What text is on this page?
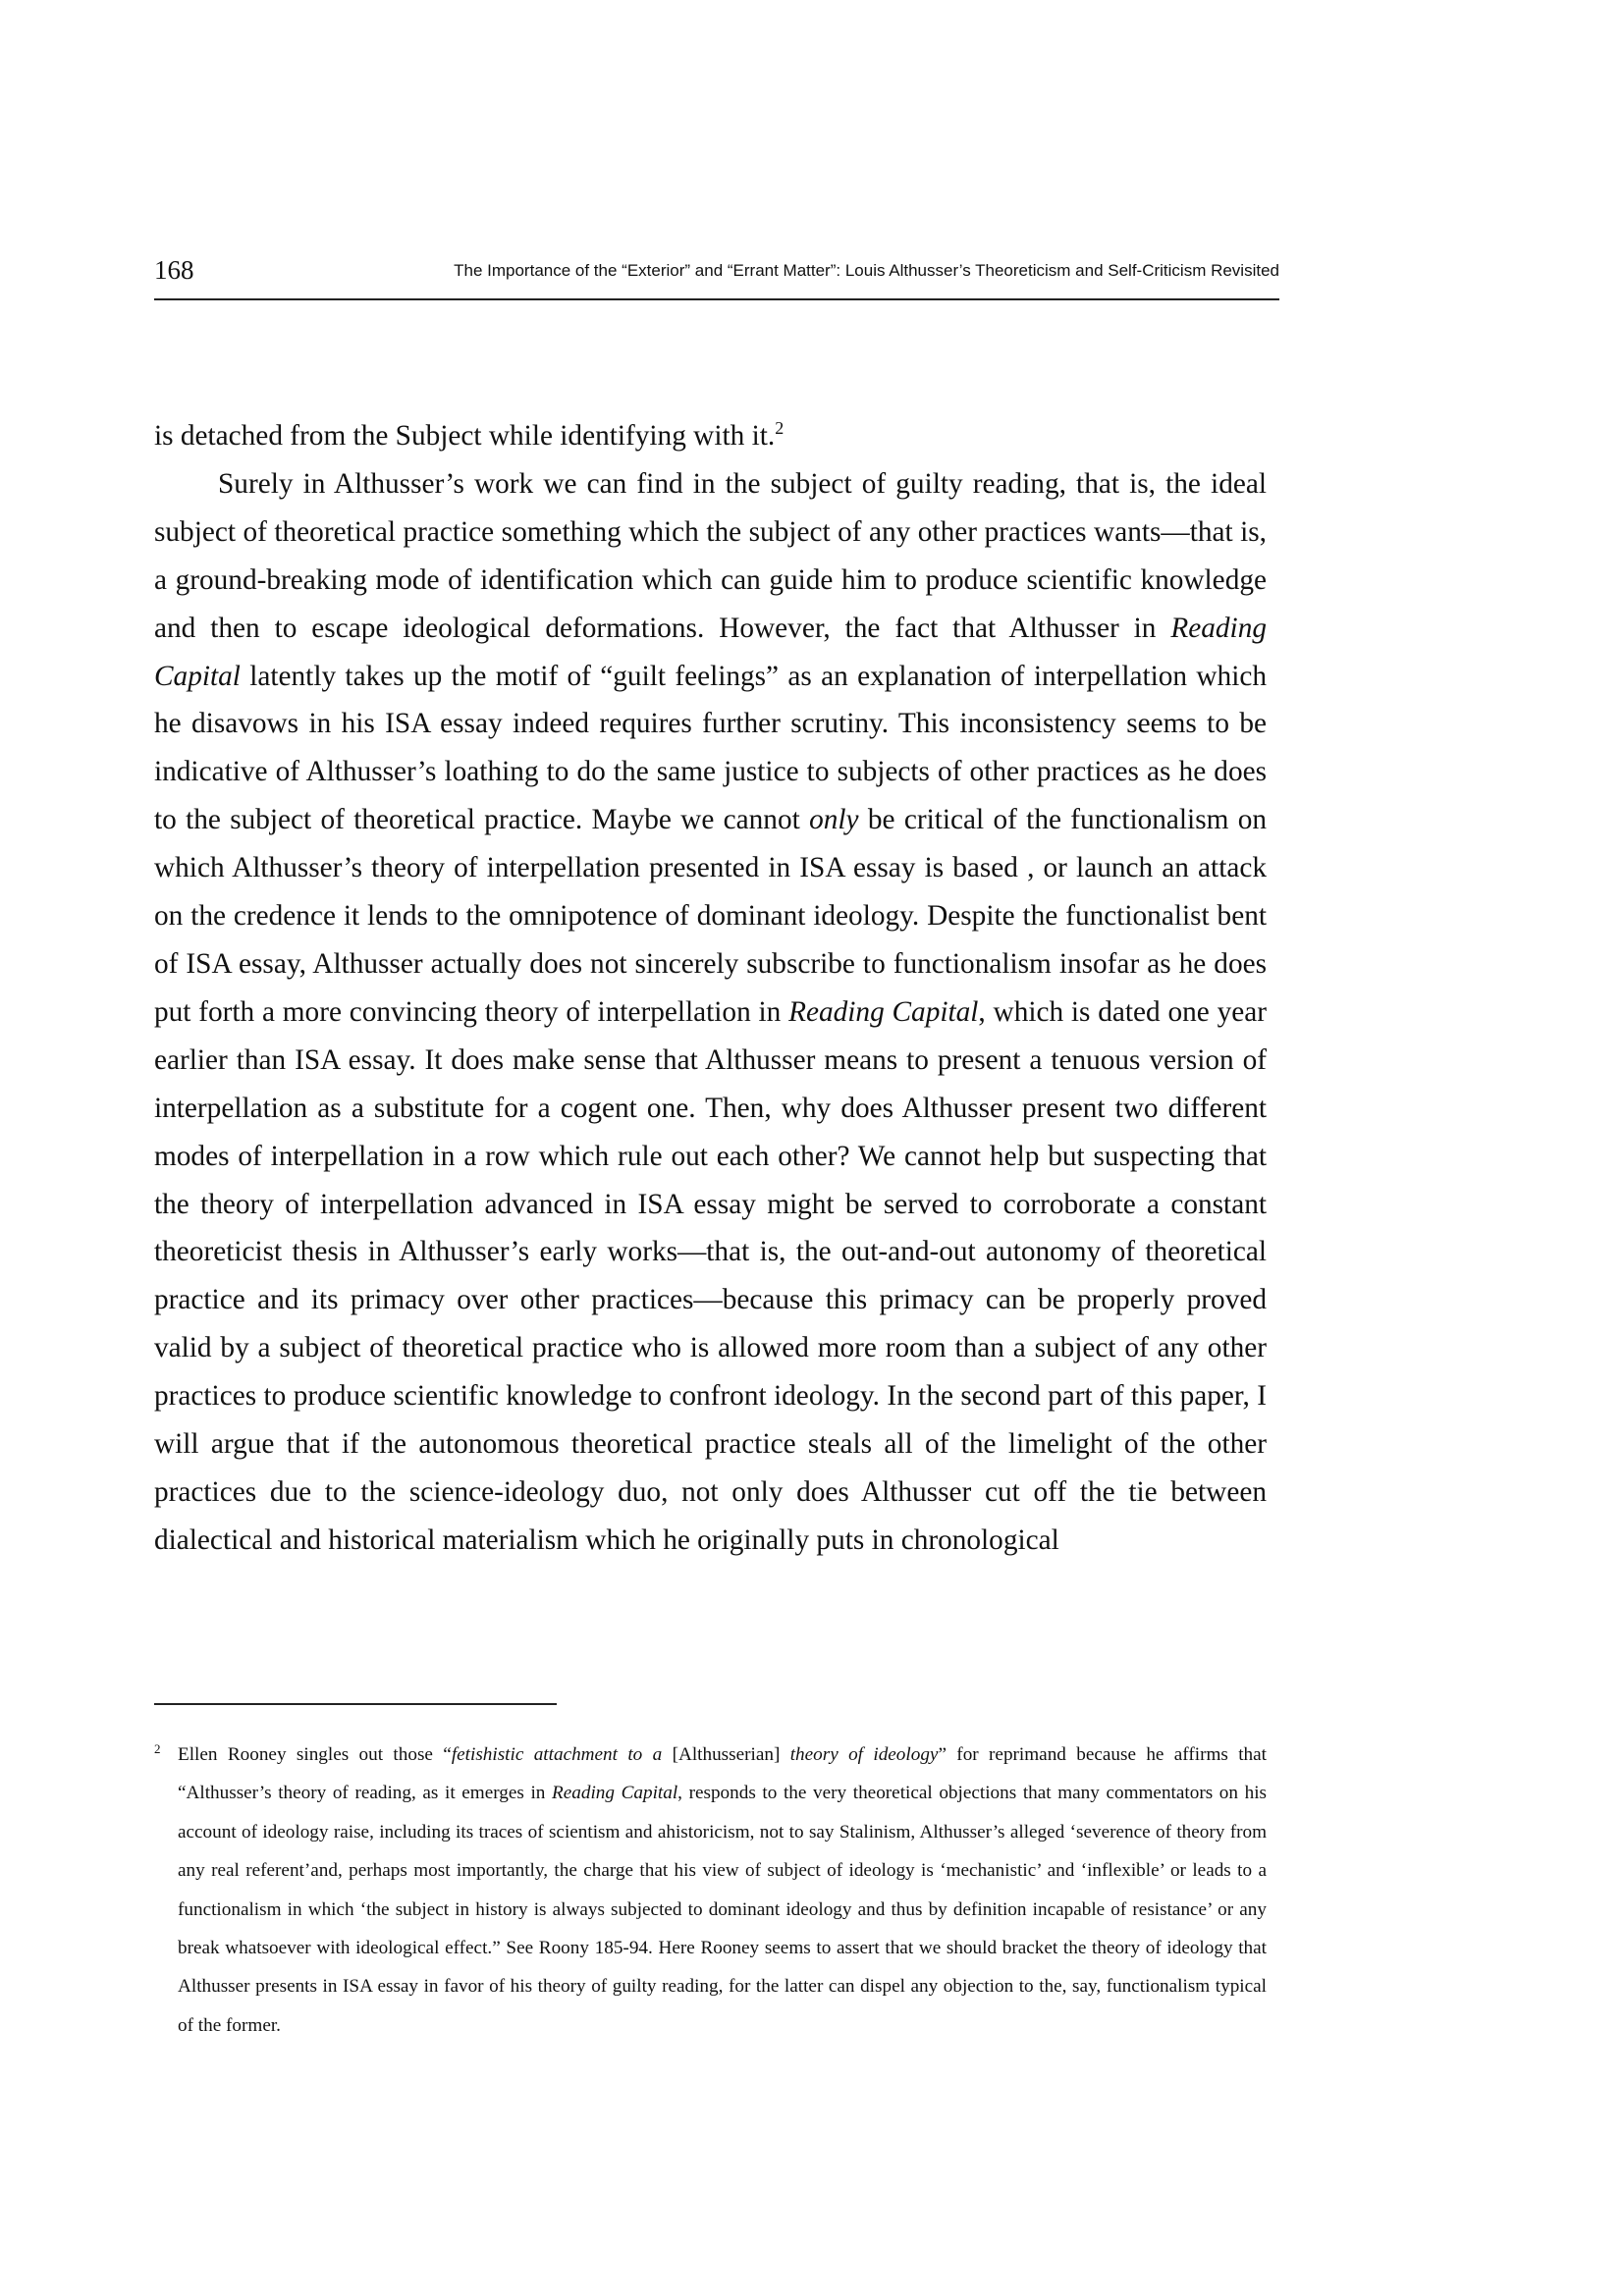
168	The Importance of the “Exterior” and “Errant Matter”: Louis Althusser’s Theoreticism and Self-Criticism Revisited

is detached from the Subject while identifying with it.$^2$

Surely in Althusser’s work we can find in the subject of guilty reading, that is, the ideal subject of theoretical practice something which the subject of any other practices wants—that is, a ground-breaking mode of identification which can guide him to produce scientific knowledge and then to escape ideological deformations. However, the fact that Althusser in Reading Capital latently takes up the motif of “guilt feelings” as an explanation of interpellation which he disavows in his ISA essay indeed requires further scrutiny. This inconsistency seems to be indicative of Althusser’s loathing to do the same justice to subjects of other practices as he does to the subject of theoretical practice. Maybe we cannot only be critical of the functionalism on which Althusser’s theory of interpellation presented in ISA essay is based , or launch an attack on the credence it lends to the omnipotence of dominant ideology. Despite the functionalist bent of ISA essay, Althusser actually does not sincerely subscribe to functionalism insofar as he does put forth a more convincing theory of interpellation in Reading Capital, which is dated one year earlier than ISA essay. It does make sense that Althusser means to present a tenuous version of interpellation as a substitute for a cogent one. Then, why does Althusser present two different modes of interpellation in a row which rule out each other? We cannot help but suspecting that the theory of interpellation advanced in ISA essay might be served to corroborate a constant theoreticist thesis in Althusser’s early works—that is, the out-and-out autonomy of theoretical practice and its primacy over other practices—because this primacy can be properly proved valid by a subject of theoretical practice who is allowed more room than a subject of any other practices to produce scientific knowledge to confront ideology. In the second part of this paper, I will argue that if the autonomous theoretical practice steals all of the limelight of the other practices due to the science-ideology duo, not only does Althusser cut off the tie between dialectical and historical materialism which he originally puts in chronological

2 Ellen Rooney singles out those “fetishistic attachment to a [Althusserian] theory of ideology” for reprimand because he affirms that “Althusser’s theory of reading, as it emerges in Reading Capital, responds to the very theoretical objections that many commentators on his account of ideology raise, including its traces of scientism and ahistoricism, not to say Stalinism, Althusser’s alleged ‘severence of theory from any real referent’and, perhaps most importantly, the charge that his view of subject of ideology is ‘mechanistic’ and ‘inflexible’ or leads to a functionalism in which ‘the subject in history is always subjected to dominant ideology and thus by definition incapable of resistance’ or any break whatsoever with ideological effect.” See Roony 185-94. Here Rooney seems to assert that we should bracket the theory of ideology that Althusser presents in ISA essay in favor of his theory of guilty reading, for the latter can dispel any objection to the, say, functionalism typical of the former.
